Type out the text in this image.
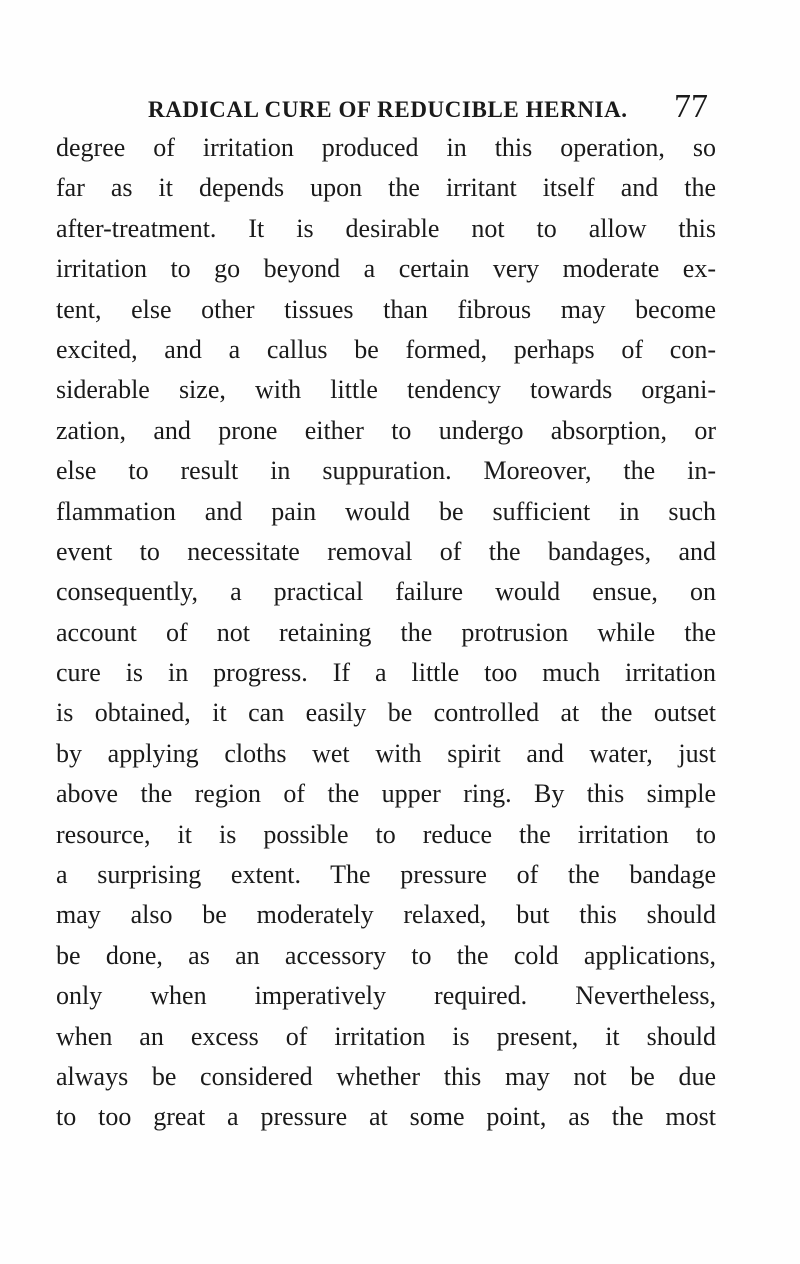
RADICAL CURE OF REDUCIBLE HERNIA. 77
degree of irritation produced in this operation, so
far as it depends upon the irritant itself and the
after-treatment. It is desirable not to allow this
irritation to go beyond a certain very moderate ex-
tent, else other tissues than fibrous may become
excited, and a callus be formed, perhaps of con-
siderable size, with little tendency towards organi-
zation, and prone either to undergo absorption, or
else to result in suppuration. Moreover, the in-
flammation and pain would be sufficient in such
event to necessitate removal of the bandages, and
consequently, a practical failure would ensue, on
account of not retaining the protrusion while the
cure is in progress. If a little too much irritation
is obtained, it can easily be controlled at the outset
by applying cloths wet with spirit and water, just
above the region of the upper ring. By this simple
resource, it is possible to reduce the irritation to
a surprising extent. The pressure of the bandage
may also be moderately relaxed, but this should
be done, as an accessory to the cold applications,
only when imperatively required. Nevertheless,
when an excess of irritation is present, it should
always be considered whether this may not be due
to too great a pressure at some point, as the most
